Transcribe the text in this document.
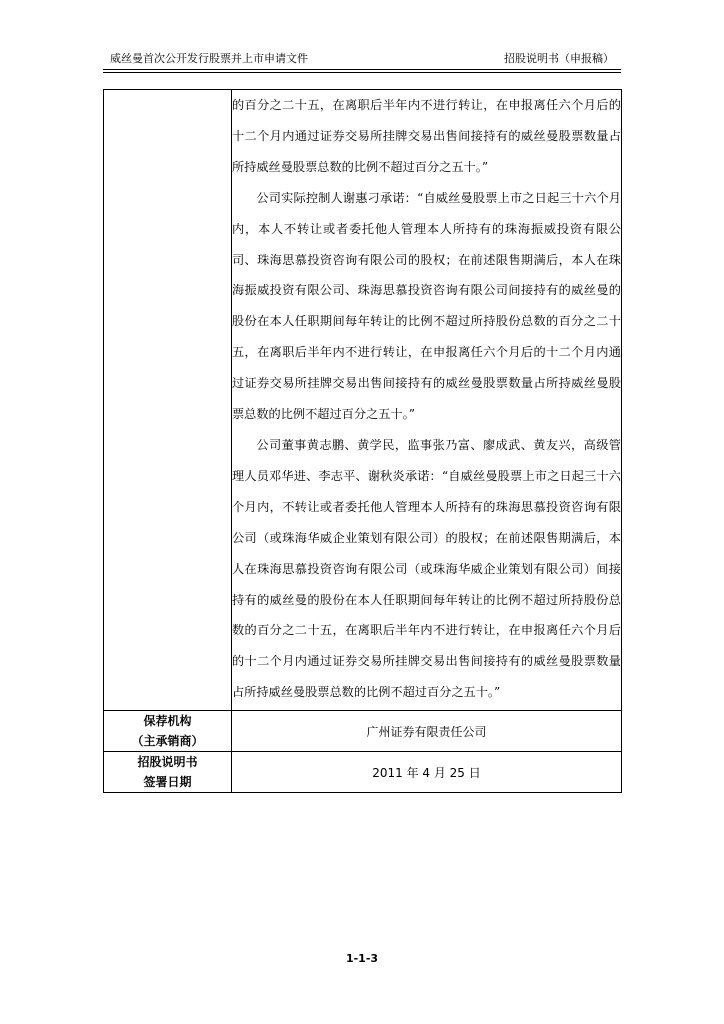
威丝曼首次公开发行股票并上市申请文件	招股说明书（申报稿）

	的百分之二十五，在离职后半年内不进行转让，在申报离任六个月后的十二个月内通过证券交易所挂牌交易出售间接持有的威丝曼股票数量占所持威丝曼股票总数的比例不超过百分之五十。”

公司实际控制人谢惠刁承诺：“自威丝曼股票上市之日起三十六个月内，本人不转让或者委托他人管理本人所持有的珠海振威投资有限公司、珠海思慕投资咨询有限公司的股权；在前述限售期满后，本人在珠海振威投资有限公司、珠海思慕投资咨询有限公司间接持有的威丝曼的股份在本人任职期间每年转让的比例不超过所持股份总数的百分之二十五，在离职后半年内不进行转让，在申报离任六个月后的十二个月内通过证券交易所挂牌交易出售间接持有的威丝曼股票数量占所持威丝曼股票总数的比例不超过百分之五十。”

公司董事黄志鹏、黄学民，监事张乃富、廖成武、黄友兴，高级管理人员邓华进、李志平、谢秋炎承诺：“自威丝曼股票上市之日起三十六个月内，不转让或者委托他人管理本人所持有的珠海思慕投资咨询有限公司（或珠海华威企业策划有限公司）的股权；在前述限售期满后，本人在珠海思慕投资咨询有限公司（或珠海华威企业策划有限公司）间接持有的威丝曼的股份在本人任职期间每年转让的比例不超过所持股份总数的百分之二十五，在离职后半年内不进行转让，在申报离任六个月后的十二个月内通过证券交易所挂牌交易出售间接持有的威丝曼股票数量占所持威丝曼股票总数的比例不超过百分之五十。”

保荐机构
（主承销商）	广州证券有限责任公司

招股说明书
签署日期	2011 年 4 月 25 日
1-1-3
